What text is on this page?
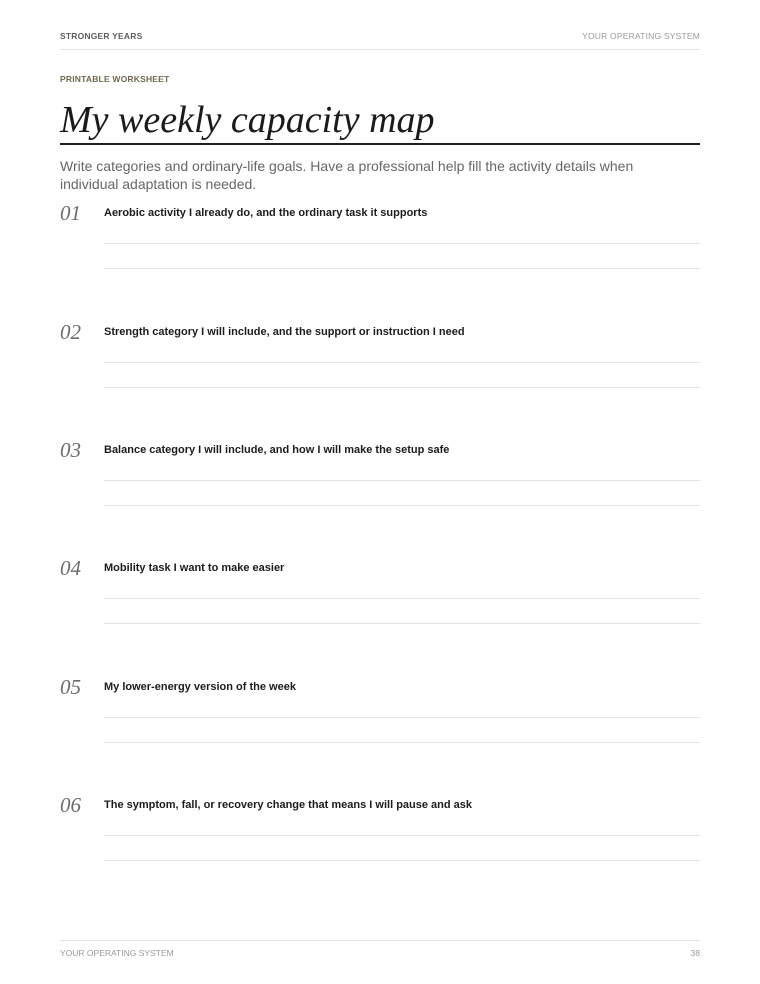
STRONGER YEARS	YOUR OPERATING SYSTEM
PRINTABLE WORKSHEET
My weekly capacity map

Write categories and ordinary-life goals. Have a professional help fill the activity details when individual adaptation is needed.

01 Aerobic activity I already do, and the ordinary task it supports
02 Strength category I will include, and the support or instruction I need
03 Balance category I will include, and how I will make the setup safe
04 Mobility task I want to make easier
05 My lower-energy version of the week
06 The symptom, fall, or recovery change that means I will pause and ask
YOUR OPERATING SYSTEM	38
